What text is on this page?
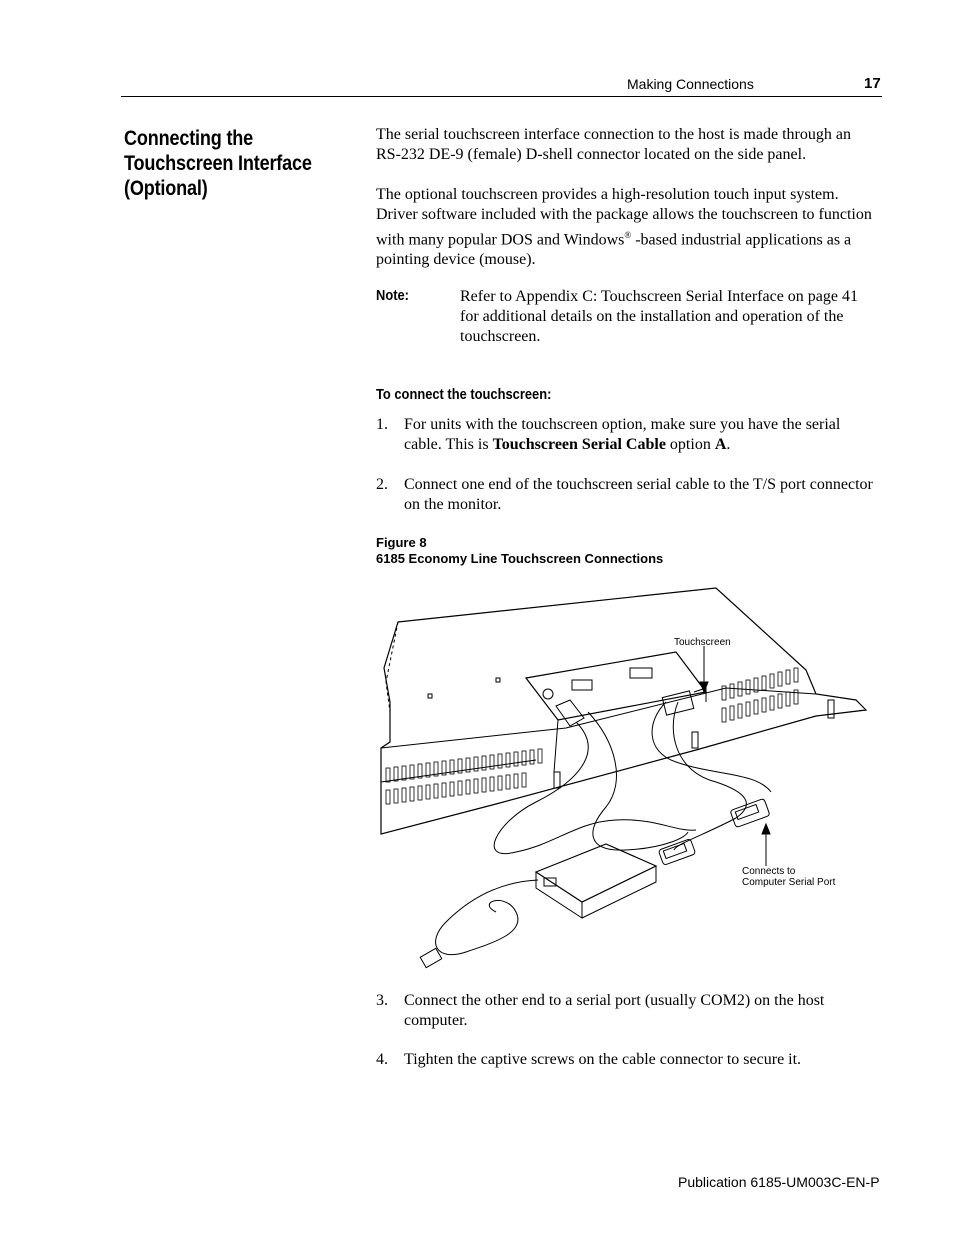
Making Connections	17
Connecting the
Touchscreen Interface
(Optional)
The serial touchscreen interface connection to the host is made through an RS-232 DE-9 (female) D-shell connector located on the side panel.
The optional touchscreen provides a high-resolution touch input system. Driver software included with the package allows the touchscreen to function with many popular DOS and Windows® -based industrial applications as a pointing device (mouse).
Note:	Refer to Appendix C: Touchscreen Serial Interface on page 41 for additional details on the installation and operation of the touchscreen.
To connect the touchscreen:
1. For units with the touchscreen option, make sure you have the serial cable. This is Touchscreen Serial Cable option A.
2. Connect one end of the touchscreen serial cable to the T/S port connector on the monitor.
Figure 8
6185 Economy Line Touchscreen Connections
Touchscreen
Connects to
Computer Serial Port
3. Connect the other end to a serial port (usually COM2) on the host computer.
4. Tighten the captive screws on the cable connector to secure it.
Publication 6185-UM003C-EN-P
